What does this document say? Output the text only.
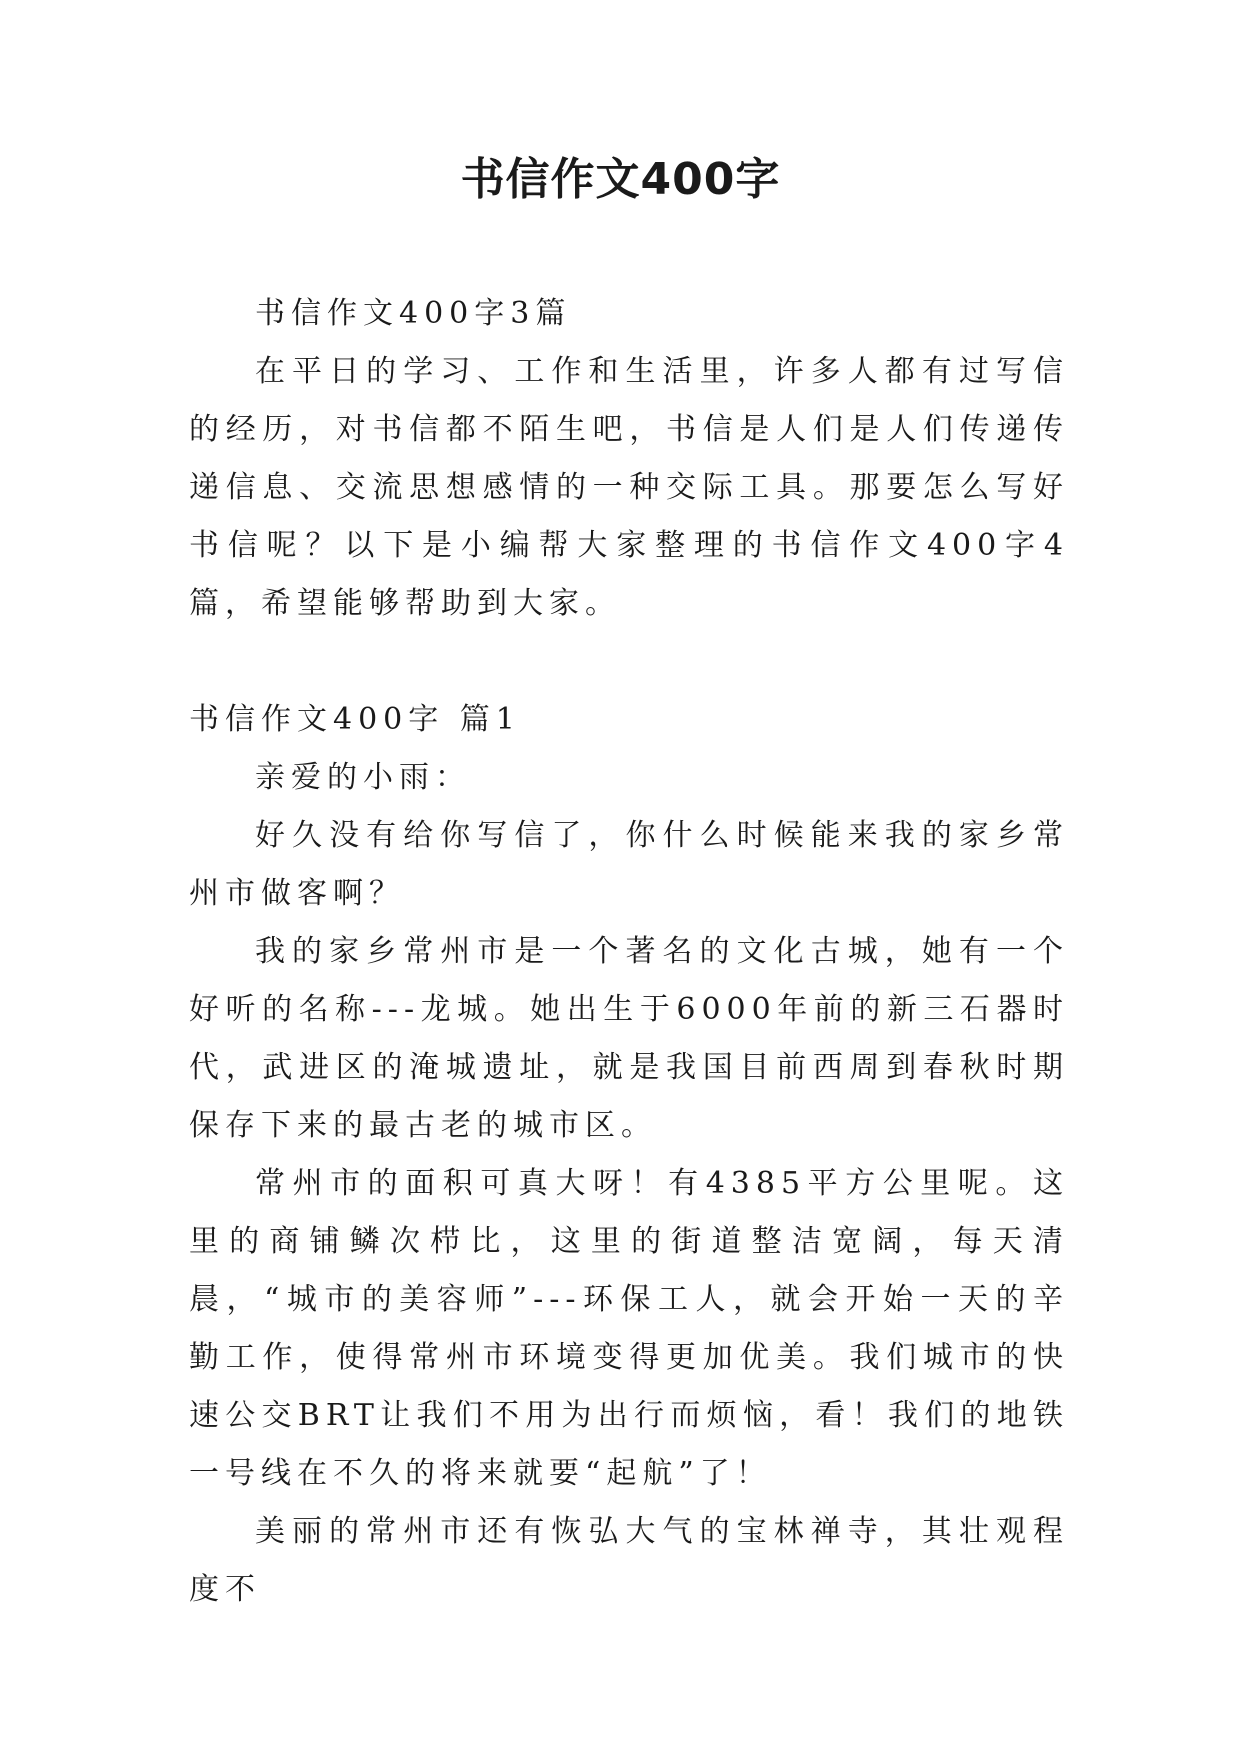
书信作文400字

书信作文400字3篇

在平日的学习、工作和生活里，许多人都有过写信的经历，对书信都不陌生吧，书信是人们是人们传递传递信息、交流思想感情的一种交际工具。那要怎么写好书信呢？以下是小编帮大家整理的书信作文400字4篇，希望能够帮助到大家。

书信作文400字 篇1

亲爱的小雨：

好久没有给你写信了，你什么时候能来我的家乡常州市做客啊？

我的家乡常州市是一个著名的文化古城，她有一个好听的名称---龙城。她出生于6000年前的新三石器时代，武进区的淹城遗址，就是我国目前西周到春秋时期保存下来的最古老的城市区。

常州市的面积可真大呀！有4385平方公里呢。这里的商铺鳞次栉比，这里的街道整洁宽阔，每天清晨，“城市的美容师”---环保工人，就会开始一天的辛勤工作，使得常州市环境变得更加优美。我们城市的快速公交BRT让我们不用为出行而烦恼，看！我们的地铁一号线在不久的将来就要“起航”了！

美丽的常州市还有恢弘大气的宝林禅寺，其壮观程度不
